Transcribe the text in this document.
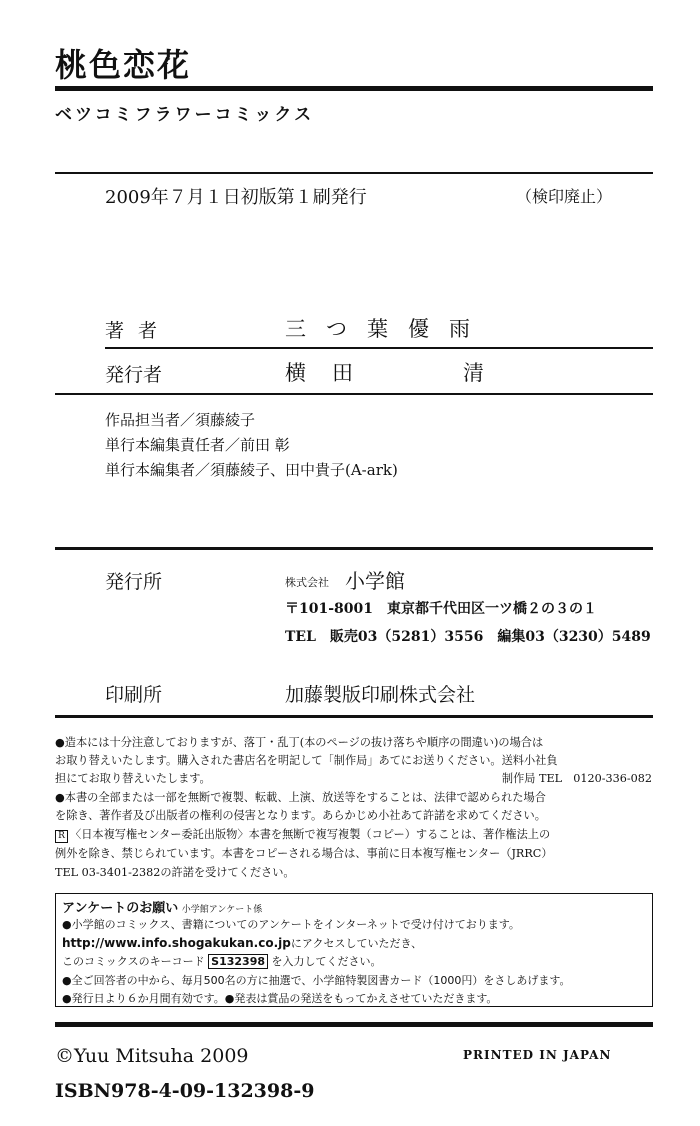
桃色恋花
ベツコミフラワーコミックス
2009年７月１日初版第１刷発行	（検印廃止）
著者	三つ葉優雨
発行者	横田	清
作品担当者／須藤綾子
単行本編集責任者／前田 彰
単行本編集者／須藤綾子、田中貴子(A-ark)
発行所	株式会社 小学館
〒101-8001　東京都千代田区一ツ橋２の３の１
TEL　販売03（5281）3556　編集03（3230）5489
印刷所	加藤製版印刷株式会社
●造本には十分注意しておりますが、落丁・乱丁(本のページの抜け落ちや順序の間違い)の場合は
お取り替えいたします。購入された書店名を明記して「制作局」あてにお送りください。送料小社負
担にてお取り替えいたします。	制作局 TEL　0120-336-082
●本書の全部または一部を無断で複製、転載、上演、放送等をすることは、法律で認められた場合
を除き、著作者及び出版者の権利の侵害となります。あらかじめ小社あて許諾を求めてください。
R 〈日本複写権センター委託出版物〉本書を無断で複写複製（コピー）することは、著作権法上の
例外を除き、禁じられています。本書をコピーされる場合は、事前に日本複写権センター（JRRC）
TEL 03-3401-2382の許諾を受けてください。
アンケートのお願い 小学館アンケート係
●小学館のコミックス、書籍についてのアンケートをインターネットで受け付けております。
http://www.info.shogakukan.co.jpにアクセスしていただき、
このコミックスのキーコード S132398 を入力してください。
●全ご回答者の中から、毎月500名の方に抽選で、小学館特製図書カード（1000円）をさしあげます。
●発行日より６か月間有効です。●発表は賞品の発送をもってかえさせていただきます。
©Yuu Mitsuha 2009	PRINTED IN JAPAN
ISBN978-4-09-132398-9
